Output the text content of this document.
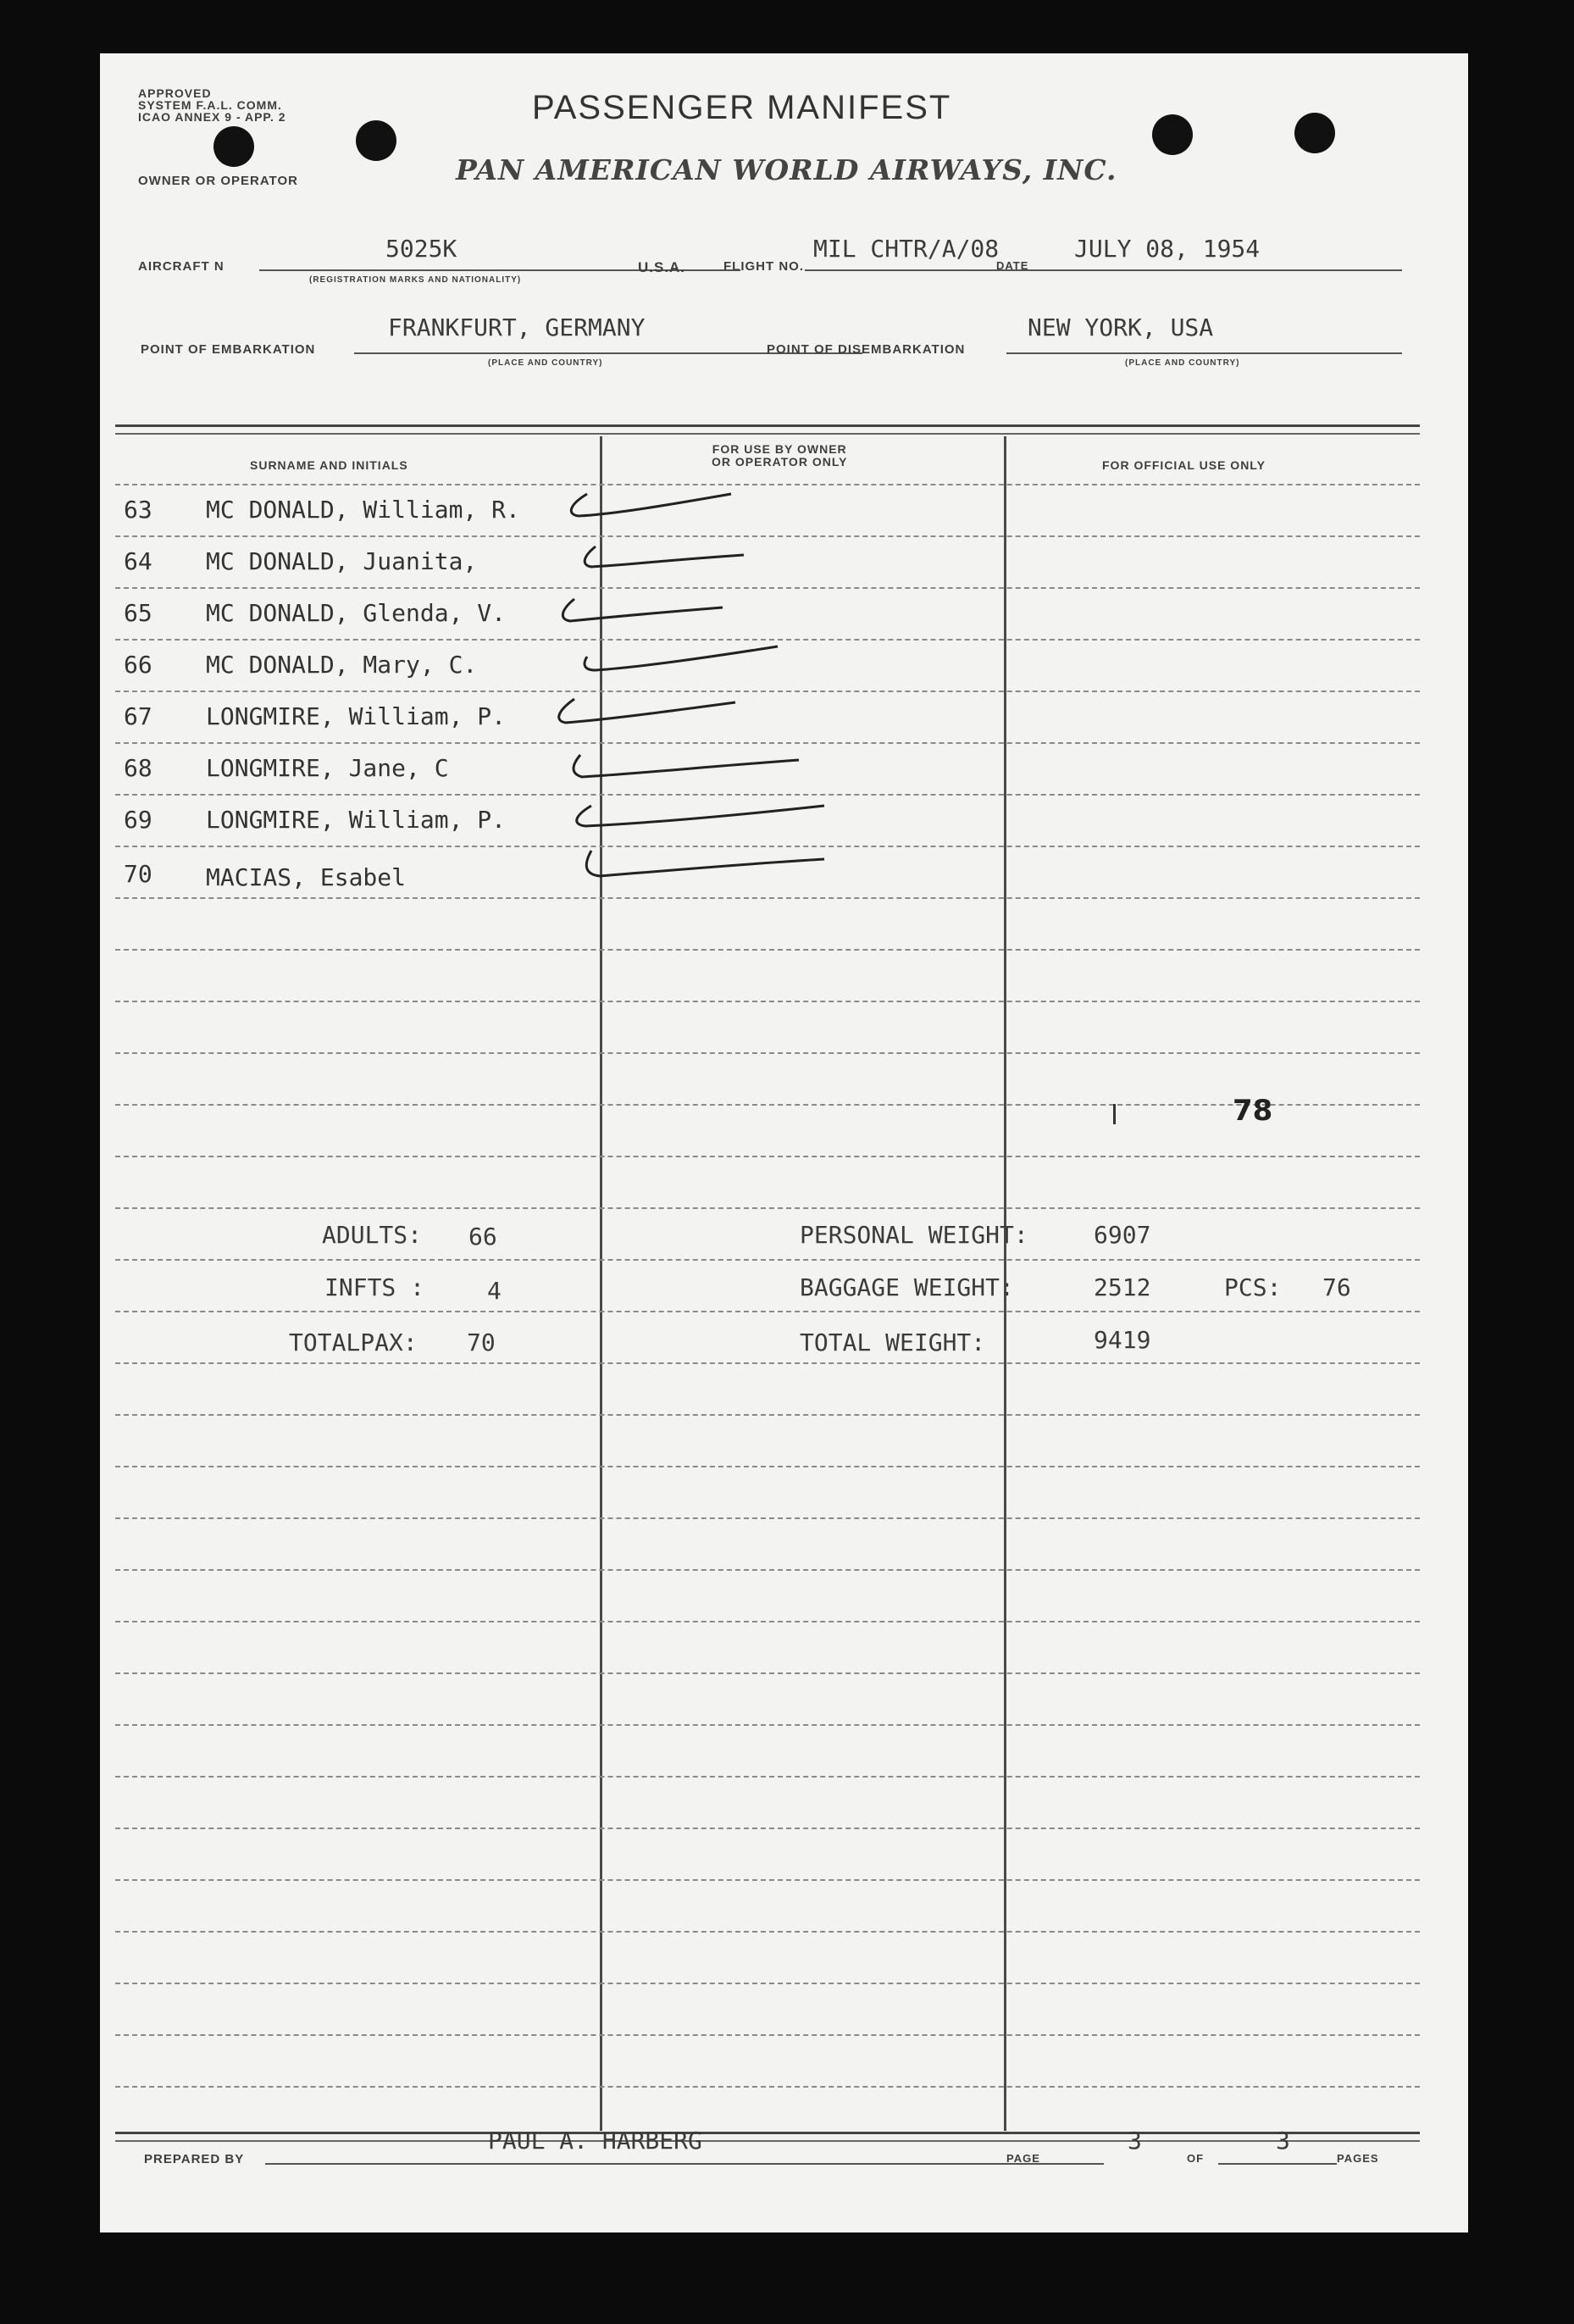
APPROVED
SYSTEM F.A.L. COMM.
ICAO ANNEX 9 - APP. 2	PASSENGER MANIFEST
OWNER OR OPERATOR	PAN AMERICAN WORLD AIRWAYS, INC.
AIRCRAFT N
5025K
(REGISTRATION MARKS AND NATIONALITY)
U.S.A.	FLIGHT NO.
MIL CHTR/A/08
DATE
JULY 08, 1954
POINT OF EMBARKATION
FRANKFURT, GERMANY
(PLACE AND COUNTRY)
POINT OF DISEMBARKATION
NEW YORK, USA
(PLACE AND COUNTRY)
SURNAME AND INITIALS
FOR USE BY OWNER
OR OPERATOR ONLY	FOR OFFICIAL USE ONLY
63 MC DONALD, William, R.
64 MC DONALD, Juanita,
65 MC DONALD, Glenda, V.
66 MC DONALD, Mary, C.
67 LONGMIRE, William, P.
68 LONGMIRE, Jane, C
69 LONGMIRE, William, P.
70 MACIAS, Esabel
78
ADULTS: 66
INFTS :	4
TOTALPAX: 70
PERSONAL WEIGHT:	6907
BAGGAGE WEIGHT:	2512	PCS: 76
TOTAL WEIGHT:	9419
PREPARED BY
PAUL A. HARBERG
PAGE
3
OF
3
PAGES
